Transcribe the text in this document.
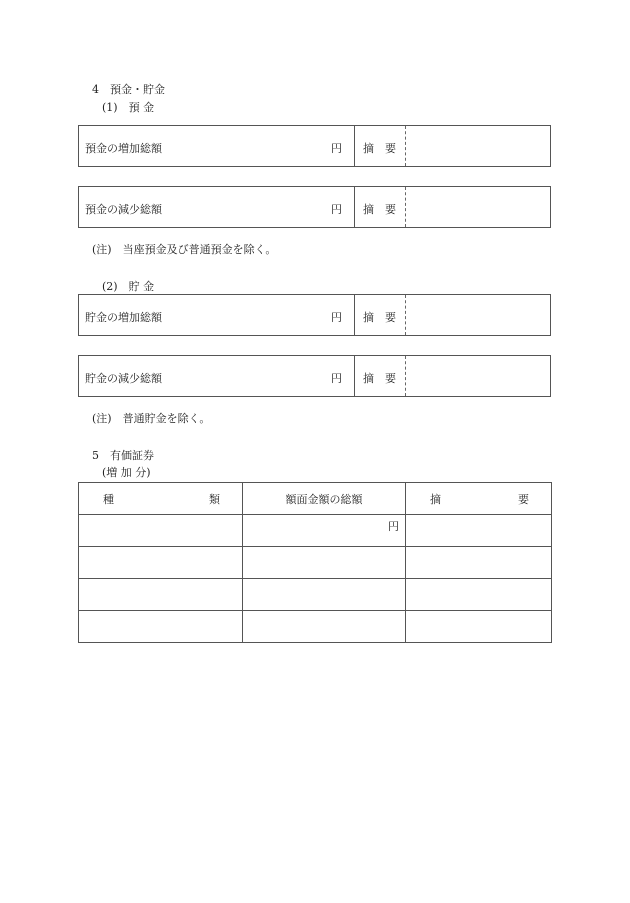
4　預金・貯金
(1)　預 金
預金の増加総額	円 摘　要
預金の減少総額	円 摘　要
(注)　当座預金及び普通預金を除く。
(2)　貯 金
貯金の増加総額	円 摘　要
貯金の減少総額	円 摘　要
(注)　普通貯金を除く。
5　有価証券
(増 加 分)
種 類	額面金額の総額	摘 要

	円	
